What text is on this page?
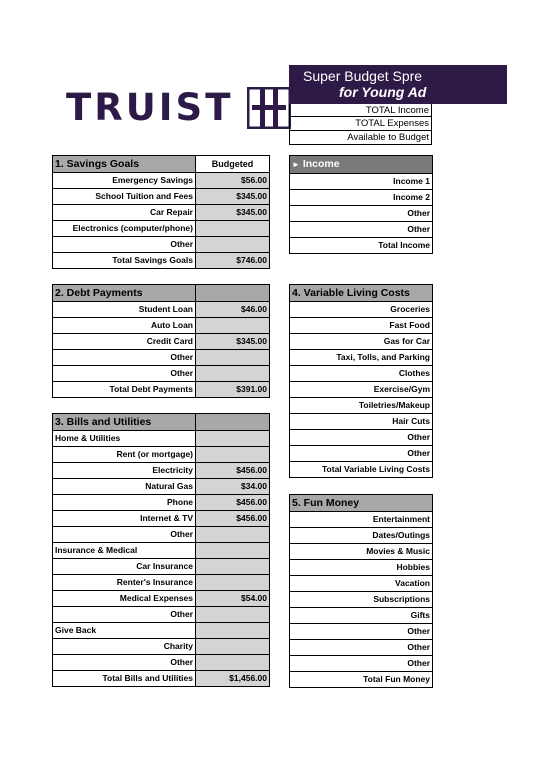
TRUIST
Super Budget Spre
for Young Ad
TOTAL Income
TOTAL Expenses
Available to Budget
1. Savings Goals	Budgeted
Emergency Savings	$56.00
School Tuition and Fees	$345.00
Car Repair	$345.00
Electronics (computer/phone)	
Other	
Total Savings Goals	$746.00
2. Debt Payments	
Student Loan	$46.00
Auto Loan	
Credit Card	$345.00
Other	
Other	
Total Debt Payments	$391.00
3. Bills and Utilities	
Home & Utilities	
Rent (or mortgage)	
Electricity	$456.00
Natural Gas	$34.00
Phone	$456.00
Internet & TV	$456.00
Other	
Insurance & Medical	
Car Insurance	
Renter's Insurance	
Medical Expenses	$54.00
Other	
Give Back	
Charity	
Other	
Total Bills and Utilities	$1,456.00
► Income
Income 1
Income 2
Other
Other
Total Income
4. Variable Living Costs
Groceries
Fast Food
Gas for Car
Taxi, Tolls, and Parking
Clothes
Exercise/Gym
Toiletries/Makeup
Hair Cuts
Other
Other
Total Variable Living Costs
5. Fun Money
Entertainment
Dates/Outings
Movies & Music
Hobbies
Vacation
Subscriptions
Gifts
Other
Other
Other
Total Fun Money
